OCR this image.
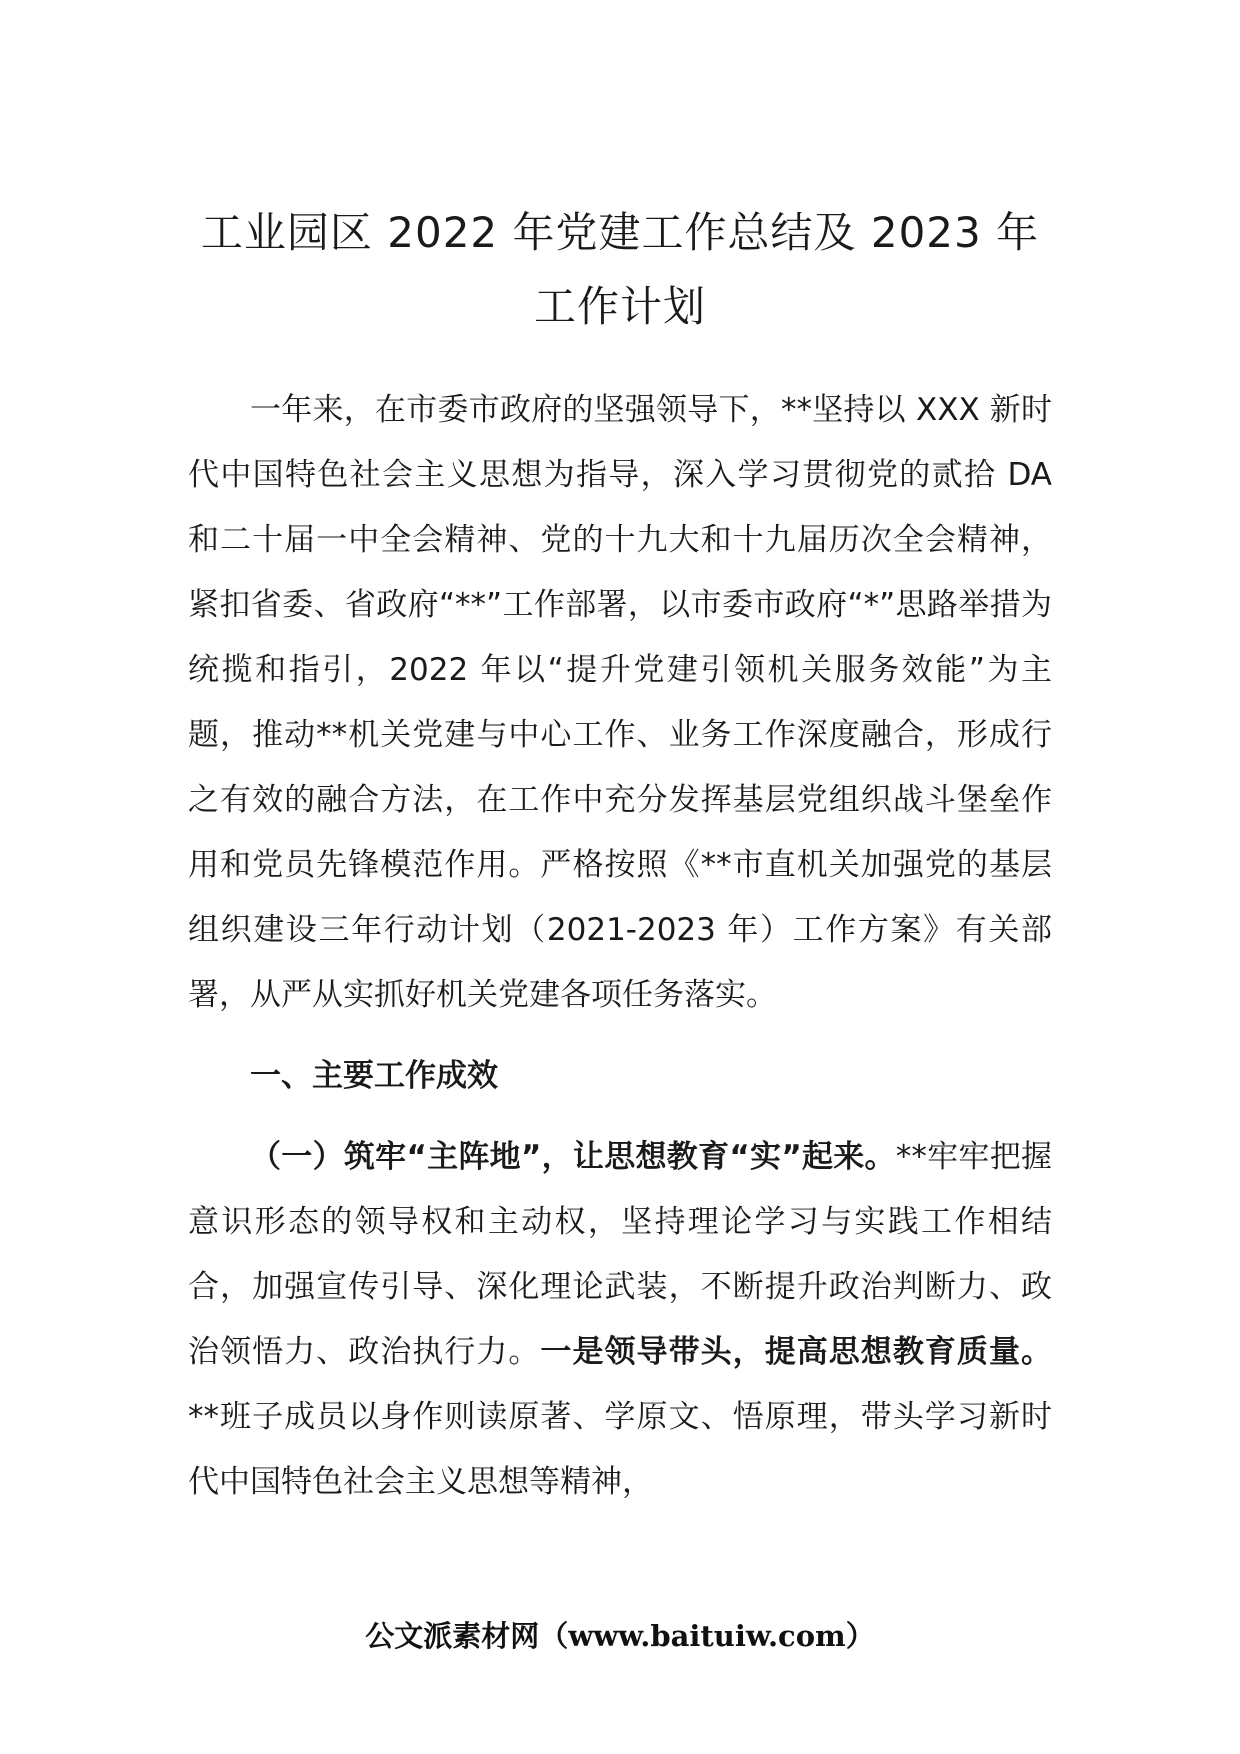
工业园区 2022 年党建工作总结及 2023 年
工作计划

一年来，在市委市政府的坚强领导下，**坚持以 XXX 新时代中国特色社会主义思想为指导，深入学习贯彻党的贰拾 DA 和二十届一中全会精神、党的十九大和十九届历次全会精神，紧扣省委、省政府“**”工作部署，以市委市政府“*”思路举措为统揽和指引，2022 年以“提升党建引领机关服务效能”为主题，推动**机关党建与中心工作、业务工作深度融合，形成行之有效的融合方法，在工作中充分发挥基层党组织战斗堡垒作用和党员先锋模范作用。严格按照《**市直机关加强党的基层组织建设三年行动计划（2021-2023 年）工作方案》有关部署，从严从实抓好机关党建各项任务落实。

一、主要工作成效

（一）筑牢“主阵地”，让思想教育“实”起来。**牢牢把握意识形态的领导权和主动权，坚持理论学习与实践工作相结合，加强宣传引导、深化理论武装，不断提升政治判断力、政治领悟力、政治执行力。一是领导带头，提高思想教育质量。**班子成员以身作则读原著、学原文、悟原理，带头学习新时代中国特色社会主义思想等精神，

公文派素材网（www.baituiw.com）
